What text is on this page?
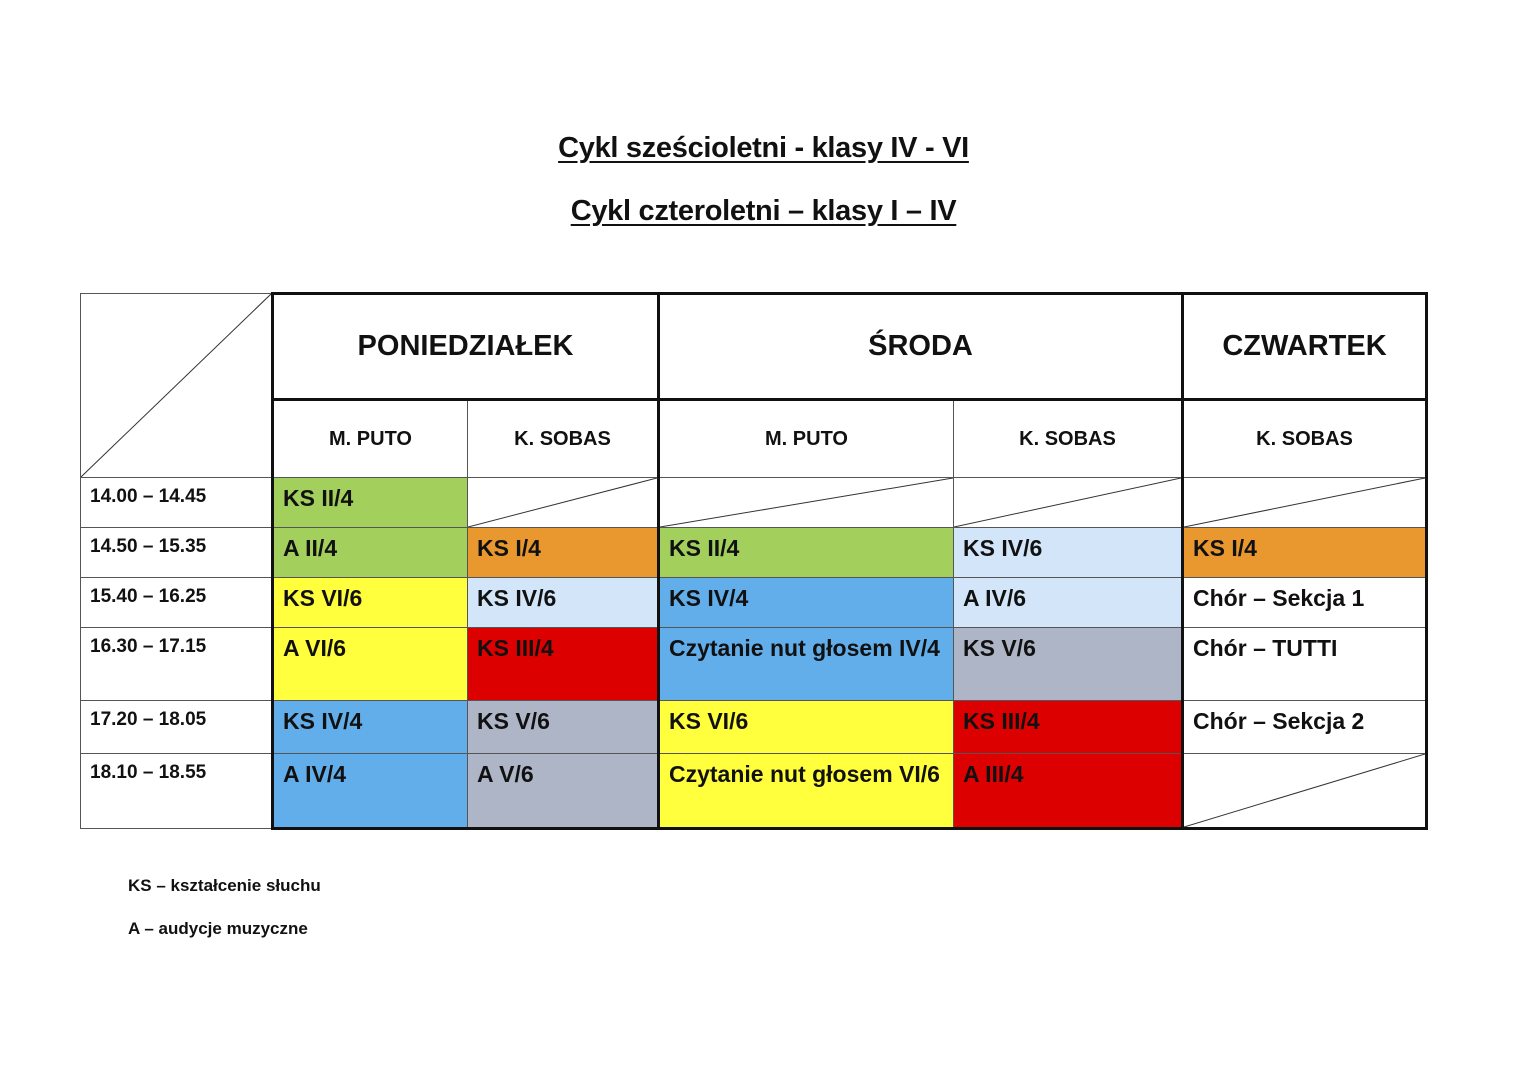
Cykl sześcioletni - klasy IV - VI
Cykl czteroletni – klasy I – IV
	PONIEDZIAŁEK		ŚRODA		CZWARTEK
	M. PUTO	K. SOBAS	M. PUTO	K. SOBAS	K. SOBAS
14.00 – 14.45	KS II/4	

14.50 – 15.35	A II/4	KS I/4	KS II/4	KS IV/6	KS I/4
15.40 – 16.25	KS VI/6	KS IV/6	KS IV/4	A IV/6	Chór – Sekcja 1
16.30 – 17.15	A VI/6	KS III/4	Czytanie nut głosem IV/4	KS V/6	Chór – TUTTI
17.20 – 18.05	KS IV/4	KS V/6	KS VI/6	KS III/4	Chór – Sekcja 2
18.10 – 18.55	A IV/4	A V/6	Czytanie nut głosem VI/6	A III/4	
KS – kształcenie słuchu
A – audycje muzyczne
